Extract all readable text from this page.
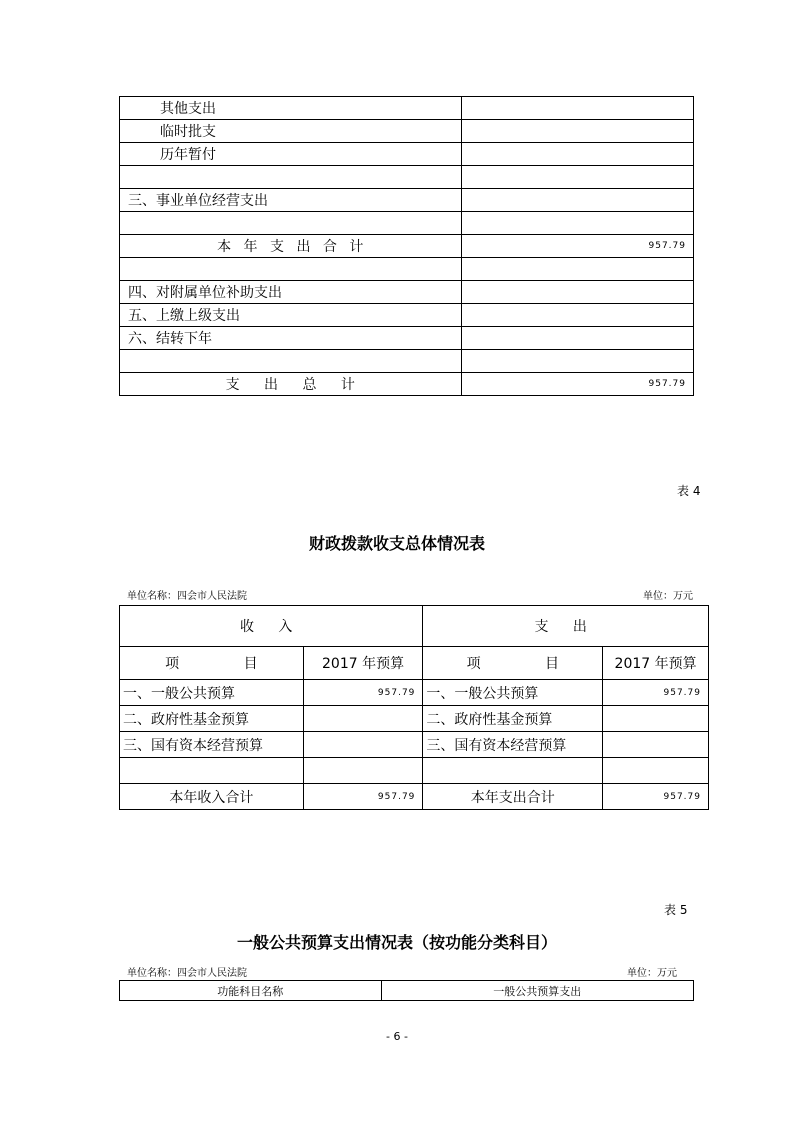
其他支出	
临时批支	
历年暂付	

三、事业单位经营支出	

本 年 支 出 合 计	957.79

四、对附属单位补助支出	
五、上缴上级支出	
六、结转下年	

支 出 总 计	957.79
表 4
财政拨款收支总体情况表
单位名称：四会市人民法院	单位：万元
收 入		支 出	
项 目	2017 年预算	项 目	2017 年预算
一、一般公共预算	957.79	一、一般公共预算	957.79
二、政府性基金预算		二、政府性基金预算	
三、国有资本经营预算		三、国有资本经营预算	

本年收入合计	957.79	本年支出合计	957.79
表 5
一般公共预算支出情况表（按功能分类科目）
单位名称：四会市人民法院	单位：万元
功能科目名称	一般公共预算支出
- 6 -
